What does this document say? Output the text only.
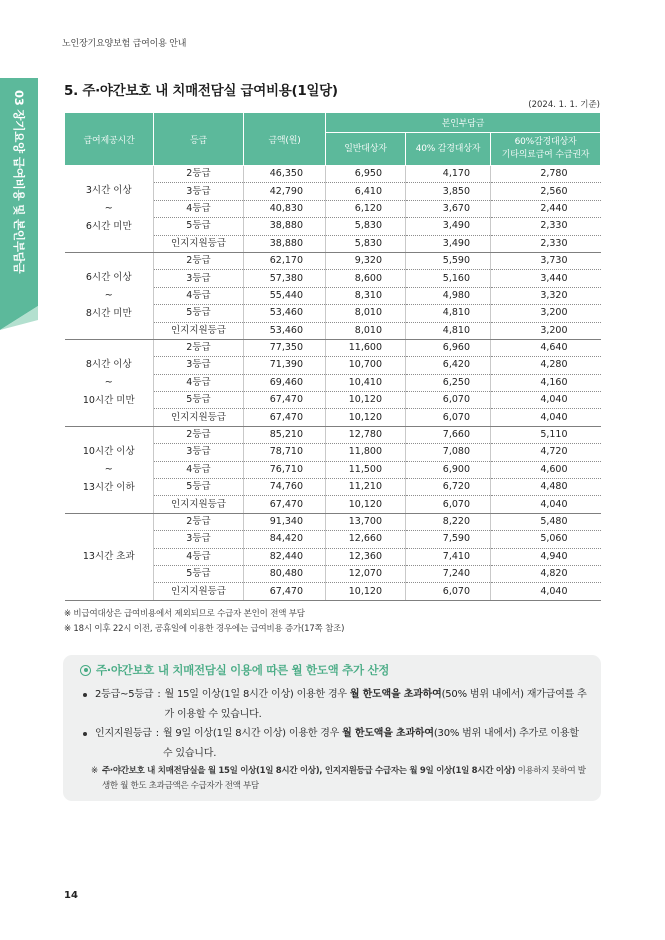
노인장기요양보험 급여이용 안내
03 장기요양 급여비용 및 본인부담금
5. 주·야간보호 내 치매전담실 급여비용(1일당)
(2024. 1. 1. 기준)
급여제공시간	등급	금액(원)	본인부담금		
			일반대상자	40% 감경대상자	60%감경대상자
기타의료급여 수급권자

3시간 이상
~
6시간 미만	2등급	46,350	6,950	4,170	2,780
	3등급	42,790	6,410	3,850	2,560
	4등급	40,830	6,120	3,670	2,440
	5등급	38,880	5,830	3,490	2,330
	인지지원등급	38,880	5,830	3,490	2,330

6시간 이상
~
8시간 미만	2등급	62,170	9,320	5,590	3,730
	3등급	57,380	8,600	5,160	3,440
	4등급	55,440	8,310	4,980	3,320
	5등급	53,460	8,010	4,810	3,200
	인지지원등급	53,460	8,010	4,810	3,200

8시간 이상
~
10시간 미만	2등급	77,350	11,600	6,960	4,640
	3등급	71,390	10,700	6,420	4,280
	4등급	69,460	10,410	6,250	4,160
	5등급	67,470	10,120	6,070	4,040
	인지지원등급	67,470	10,120	6,070	4,040

10시간 이상
~
13시간 이하	2등급	85,210	12,780	7,660	5,110
	3등급	78,710	11,800	7,080	4,720
	4등급	76,710	11,500	6,900	4,600
	5등급	74,760	11,210	6,720	4,480
	인지지원등급	67,470	10,120	6,070	4,040

13시간 초과	2등급	91,340	13,700	8,220	5,480
	3등급	84,420	12,660	7,590	5,060
	4등급	82,440	12,360	7,410	4,940
	5등급	80,480	12,070	7,240	4,820
	인지지원등급	67,470	10,120	6,070	4,040
※ 비급여대상은 급여비용에서 제외되므로 수급자 본인이 전액 부담
※ 18시 이후 22시 이전, 공휴일에 이용한 경우에는 급여비용 증가(17쪽 참조)
주·야간보호 내 치매전담실 이용에 따른 월 한도액 추가 산정
2등급~5등급 : 월 15일 이상(1일 8시간 이상) 이용한 경우 월 한도액을 초과하여(50% 범위 내에서) 재가급여를 추가 이용할 수 있습니다.
인지지원등급 : 월 9일 이상(1일 8시간 이상) 이용한 경우 월 한도액을 초과하여(30% 범위 내에서) 추가로 이용할 수 있습니다.
※ 주·야간보호 내 치매전담실을 월 15일 이상(1일 8시간 이상), 인지지원등급 수급자는 월 9일 이상(1일 8시간 이상) 이용하지 못하여 발생한 월 한도 초과금액은 수급자가 전액 부담
14
